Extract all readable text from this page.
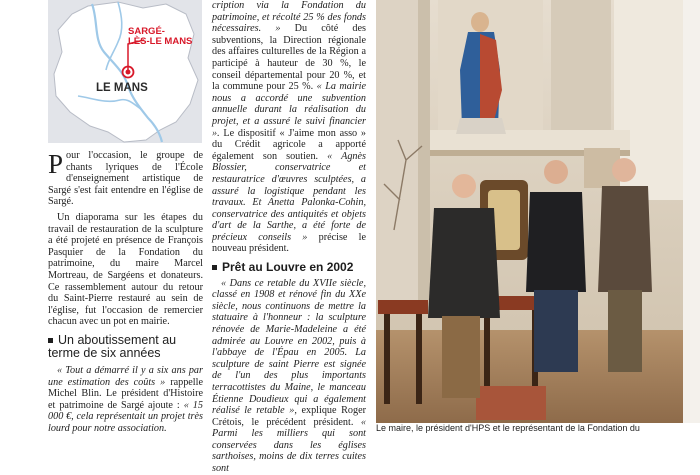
SARGÉ-
LÈS-LE MANS
LE MANS

Pour l'occasion, le groupe de chants lyriques de l'École d'enseignement artistique de Sargé s'est fait entendre en l'église de Sargé.

Un diaporama sur les étapes du travail de restauration de la sculpture a été projeté en présence de François Pasquier de la Fondation du patrimoine, du maire Marcel Mortreau, de Sargéens et donateurs. Ce rassemblement autour du retour du Saint-Pierre restauré au sein de l'église, fut l'occasion de remercier chacun avec un pot en mairie.

Un aboutissement au terme de six années

« Tout a démarré il y a six ans par une estimation des coûts » rappelle Michel Blin. Le président d'Histoire et patrimoine de Sargé ajoute : « 15 000 €, cela représentait un projet très lourd pour notre association.

cription via la Fondation du patrimoine, et récolté 25 % des fonds nécessaires. » Du côté des subventions, la Direction régionale des affaires culturelles de la Région a participé à hauteur de 30 %, le conseil départemental pour 20 %, et la commune pour 25 %. « La mairie nous a accordé une subvention annuelle durant la réalisation du projet, et a assuré le suivi financier ». Le dispositif « J'aime mon asso » du Crédit agricole a apporté également son soutien. « Agnès Blossier, conservatrice et restauratrice d'œuvres sculptées, a assuré la logistique pendant les travaux. Et Anetta Palonka-Cohin, conservatrice des antiquités et objets d'art de la Sarthe, a été forte de précieux conseils » précise le nouveau président.

Prêt au Louvre en 2002

« Dans ce retable du XVIIe siècle, classé en 1908 et rénové fin du XXe siècle, nous continuons de mettre la statuaire à l'honneur : la sculpture rénovée de Marie-Madeleine a été admirée au Louvre en 2002, puis à l'abbaye de l'Épau en 2005. La sculpture de saint Pierre est signée de l'un des plus importants terracottistes du Maine, le manceau Étienne Doudieux qui a également réalisé le retable », explique Roger Crétois, le précédent président. « Parmi les milliers qui sont conservées dans les églises sarthoises, moins de dix terres cuites sont

Le maire, le président d'HPS et le représentant de la Fondation du
